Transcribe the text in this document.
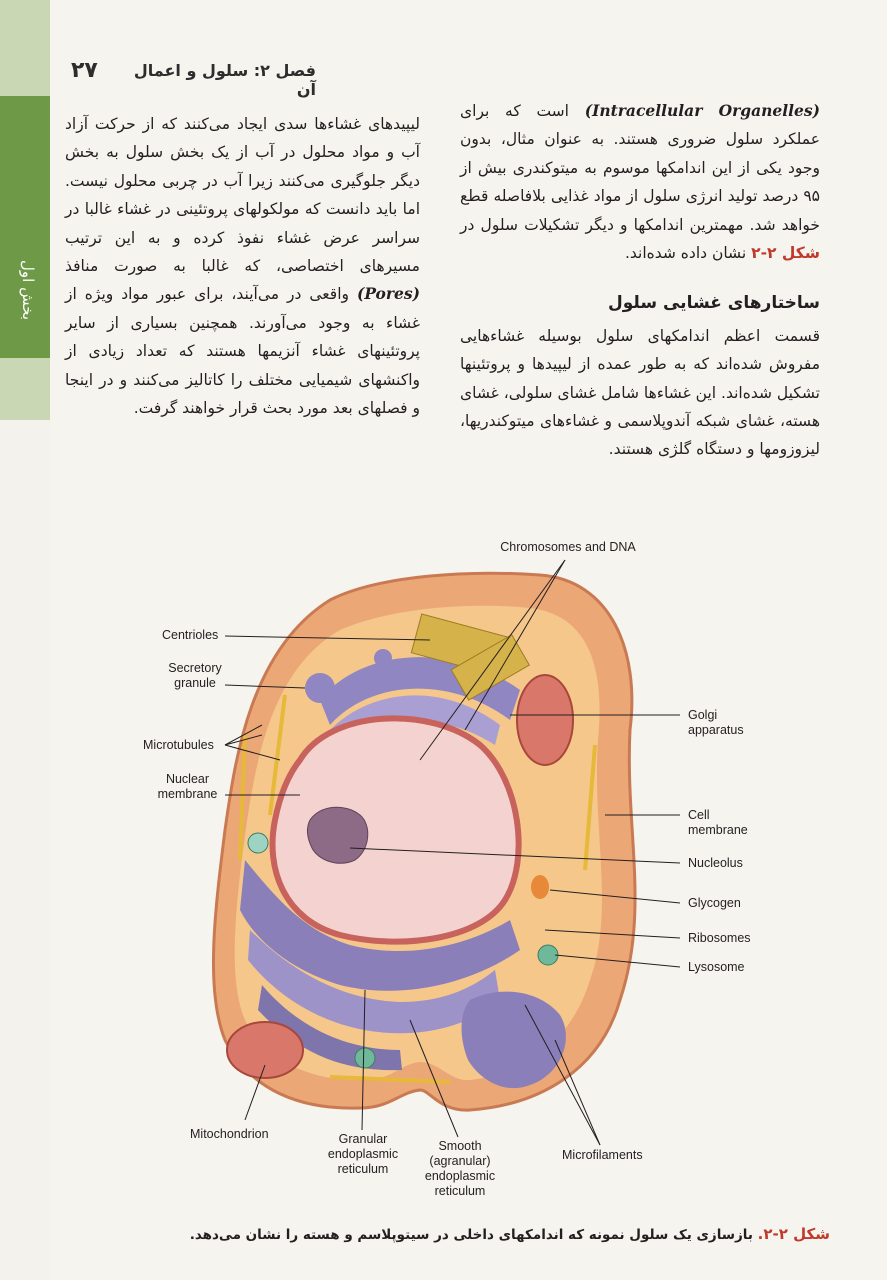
بخش اول
۲۷	فصل ۲: سلول و اعمال آن

(Intracellular Organelles) است که برای عملکرد سلول ضروری هستند. به عنوان مثال، بدون وجود یکی از این اندامکها موسوم به میتوکندری بیش از ۹۵ درصد تولید انرژی سلول از مواد غذایی بلافاصله قطع خواهد شد. مهمترین اندامکها و دیگر تشکیلات سلول در شکل ۲-۲ نشان داده شده‌اند.

ساختارهای غشایی سلول

قسمت اعظم اندامکهای سلول بوسیله غشاءهایی مفروش شده‌اند که به طور عمده از لیپیدها و پروتئینها تشکیل شده‌اند. این غشاءها شامل غشای سلولی، غشای هسته، غشای شبکه آندوپلاسمی و غشاءهای میتوکندریها، لیزوزومها و دستگاه گلژی هستند.

لیپیدهای غشاءها سدی ایجاد می‌کنند که از حرکت آزاد آب و مواد محلول در آب از یک بخش سلول به بخش دیگر جلوگیری می‌کنند زیرا آب در چربی محلول نیست. اما باید دانست که مولکولهای پروتئینی در غشاء غالبا در سراسر عرض غشاء نفوذ کرده و به این ترتیب مسیرهای اختصاصی، که غالبا به صورت منافذ (Pores) واقعی در می‌آیند، برای عبور مواد ویژه از غشاء به وجود می‌آورند. همچنین بسیاری از سایر پروتئینهای غشاء آنزیمها هستند که تعداد زیادی از واکنشهای شیمیایی مختلف را کاتالیز می‌کنند و در اینجا و فصلهای بعد مورد بحث قرار خواهند گرفت.

Chromosomes and DNA
Centrioles
Secretory
granule
Microtubules
Nuclear
membrane
Golgi
apparatus
Cell
membrane
Nucleolus
Glycogen
Ribosomes
Lysosome
Mitochondrion	Granular
endoplasmic
reticulum
Smooth
(agranular)
endoplasmic
reticulum
Microfilaments
شکل ۲-۲. بازسازی یک سلول نمونه که اندامکهای داخلی در سیتوپلاسم و هسته را نشان می‌دهد.
